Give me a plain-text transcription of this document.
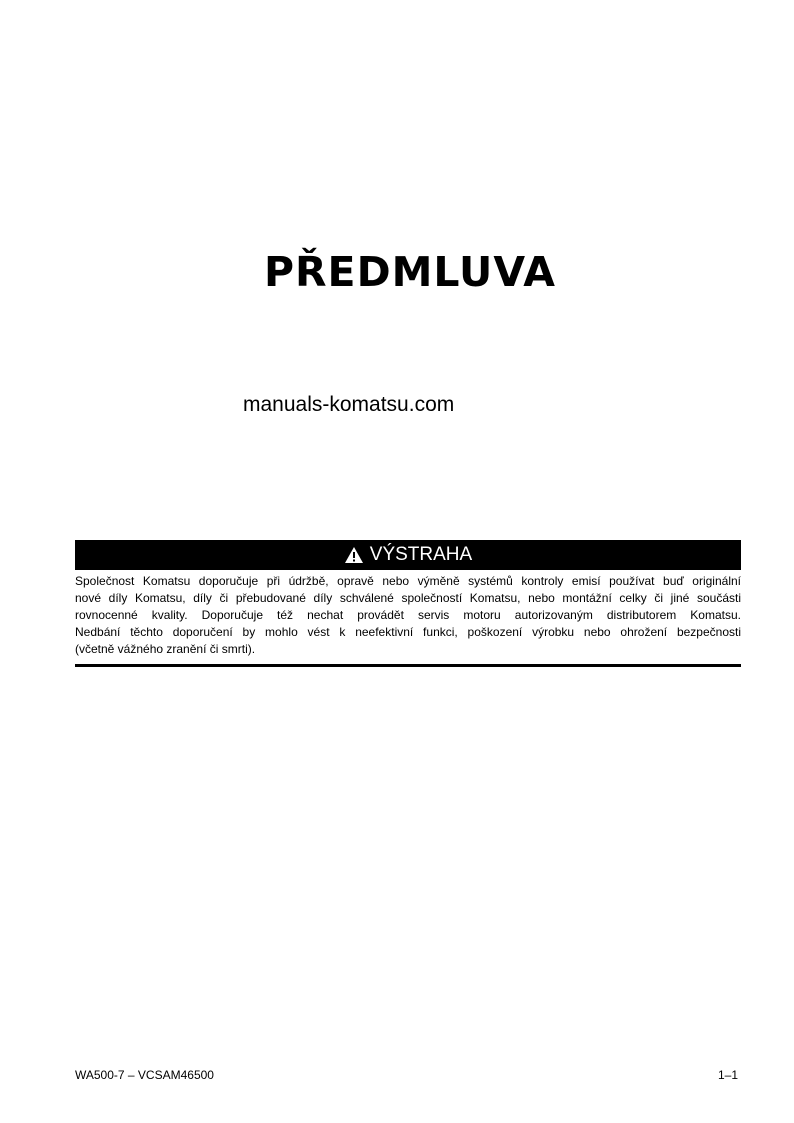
PŘEDMLUVA
manuals-komatsu.com
VÝSTRAHA
Společnost Komatsu doporučuje při údržbě, opravě nebo výměně systémů kontroly emisí používat buď originální
nové díly Komatsu, díly či přebudované díly schválené společností Komatsu, nebo montážní celky či jiné součásti
rovnocenné kvality. Doporučuje též nechat provádět servis motoru autorizovaným distributorem Komatsu.
Nedbání těchto doporučení by mohlo vést k neefektivní funkci, poškození výrobku nebo ohrožení bezpečnosti
(včetně vážného zranění či smrti).
WA500-7 – VCSAM46500	1–1
